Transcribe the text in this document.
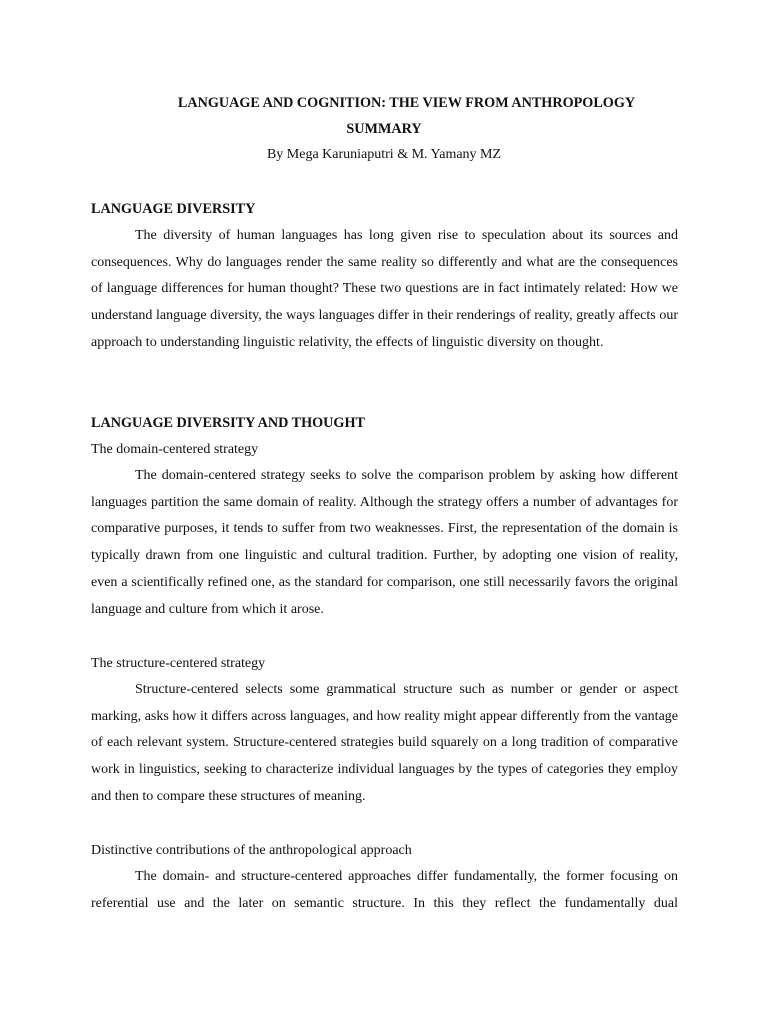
LANGUAGE AND COGNITION: THE VIEW FROM ANTHROPOLOGY
SUMMARY

By Mega Karuniaputri & M. Yamany MZ

LANGUAGE DIVERSITY

The diversity of human languages has long given rise to speculation about its sources and consequences. Why do languages render the same reality so differently and what are the consequences of language differences for human thought? These two questions are in fact intimately related: How we understand language diversity, the ways languages differ in their renderings of reality, greatly affects our approach to understanding linguistic relativity, the effects of linguistic diversity on thought.

LANGUAGE DIVERSITY AND THOUGHT

The domain-centered strategy

The domain-centered strategy seeks to solve the comparison problem by asking how different languages partition the same domain of reality. Although the strategy offers a number of advantages for comparative purposes, it tends to suffer from two weaknesses. First, the representation of the domain is typically drawn from one linguistic and cultural tradition. Further, by adopting one vision of reality, even a scientifically refined one, as the standard for comparison, one still necessarily favors the original language and culture from which it arose.

The structure-centered strategy

Structure-centered selects some grammatical structure such as number or gender or aspect marking, asks how it differs across languages, and how reality might appear differently from the vantage of each relevant system. Structure-centered strategies build squarely on a long tradition of comparative work in linguistics, seeking to characterize individual languages by the types of categories they employ and then to compare these structures of meaning.

Distinctive contributions of the anthropological approach

The domain- and structure-centered approaches differ fundamentally, the former focusing on referential use and the later on semantic structure. In this they reflect the fundamentally dual
